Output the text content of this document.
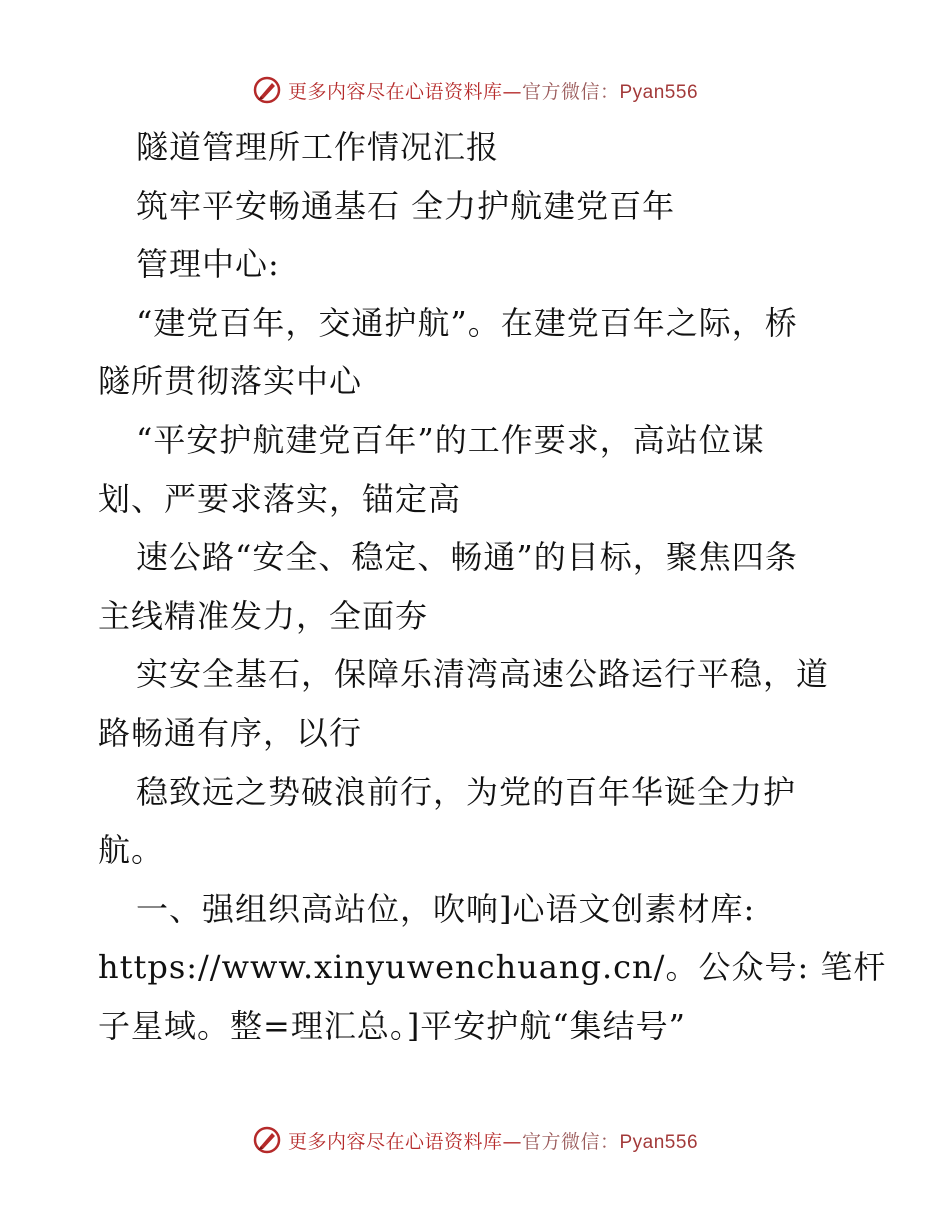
更多内容尽在心语资料库—官方微信：Pyan556
隧道管理所工作情况汇报
筑牢平安畅通基石 全力护航建党百年
管理中心:
“建党百年，交通护航”。在建党百年之际，桥
隧所贯彻落实中心
“平安护航建党百年”的工作要求，高站位谋
划、严要求落实，锚定高
速公路“安全、稳定、畅通”的目标，聚焦四条
主线精准发力，全面夯
实安全基石，保障乐清湾高速公路运行平稳，道
路畅通有序，以行
稳致远之势破浪前行，为党的百年华诞全力护
航。
一、强组织高站位，吹响]心语文创素材库:
https://www.xinyuwenchuang.cn/。公众号: 笔杆
子星域。整=理汇总。]平安护航“集结号”
更多内容尽在心语资料库—官方微信：Pyan556
